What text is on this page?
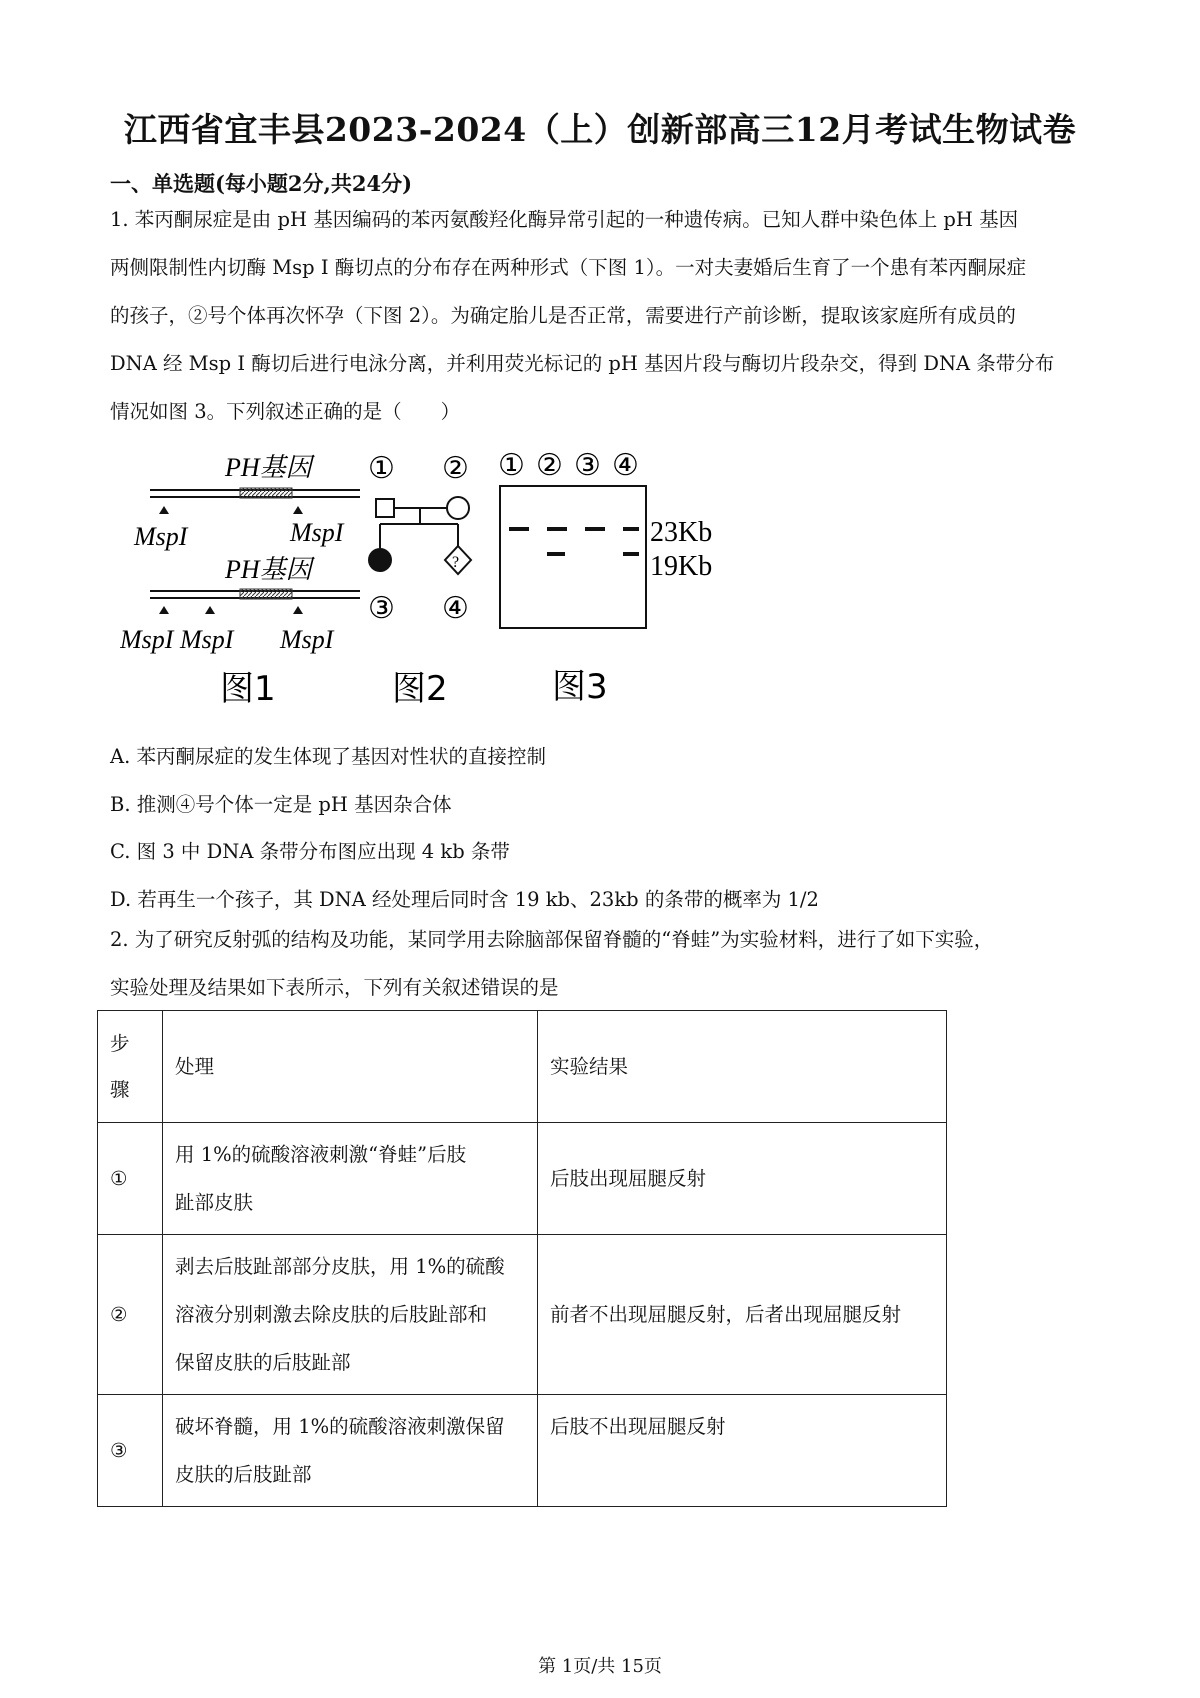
江西省宜丰县2023-2024（上）创新部高三12月考试生物试卷
一、单选题(每小题2分,共24分)

1. 苯丙酮尿症是由 pH 基因编码的苯丙氨酸羟化酶异常引起的一种遗传病。已知人群中染色体上 pH 基因

两侧限制性内切酶 Msp Ⅰ 酶切点的分布存在两种形式（下图 1）。一对夫妻婚后生育了一个患有苯丙酮尿症

的孩子，②号个体再次怀孕（下图 2）。为确定胎儿是否正常，需要进行产前诊断，提取该家庭所有成员的

DNA 经 Msp Ⅰ 酶切后进行电泳分离，并利用荧光标记的 pH 基因片段与酶切片段杂交，得到 DNA 条带分布

情况如图 3。下列叙述正确的是（　　）

PH基因
MspI	MspI
PH基因
MspI MspI MspI
图1
① ②
?
③ ④
图2
① ② ③ ④
23Kb
19Kb
图3
A. 苯丙酮尿症的发生体现了基因对性状的直接控制
B. 推测④号个体一定是 pH 基因杂合体
C. 图 3 中 DNA 条带分布图应出现 4 kb 条带
D. 若再生一个孩子，其 DNA 经处理后同时含 19 kb、23kb 的条带的概率为 1/2

2. 为了研究反射弧的结构及功能，某同学用去除脑部保留脊髓的“脊蛙”为实验材料，进行了如下实验，

实验处理及结果如下表所示，下列有关叙述错误的是

步骤	处理	实验结果
①	用 1%的硫酸溶液刺激“脊蛙”后肢
趾部皮肤	后肢出现屈腿反射
②	剥去后肢趾部部分皮肤，用 1%的硫酸
溶液分别刺激去除皮肤的后肢趾部和
保留皮肤的后肢趾部	前者不出现屈腿反射，后者出现屈腿反射
③	破坏脊髓，用 1%的硫酸溶液刺激保留
皮肤的后肢趾部	后肢不出现屈腿反射
第 1页/共 15页
